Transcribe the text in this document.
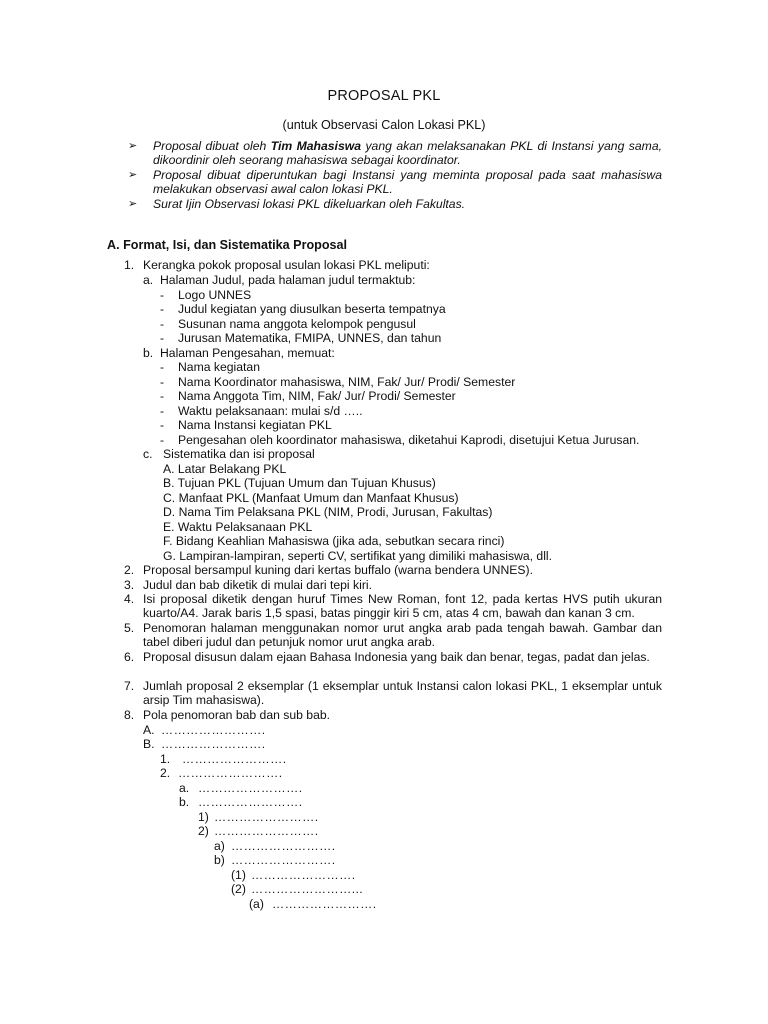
PROPOSAL PKL
(untuk Observasi Calon Lokasi PKL)
➢ Proposal dibuat oleh Tim Mahasiswa yang akan melaksanakan PKL di Instansi yang sama, dikoordinir oleh seorang mahasiswa sebagai koordinator.
➢ Proposal dibuat diperuntukan bagi Instansi yang meminta proposal pada saat mahasiswa melakukan observasi awal calon lokasi PKL.
➢ Surat Ijin Observasi lokasi PKL dikeluarkan oleh Fakultas.
A. Format, Isi, dan Sistematika Proposal
1. Kerangka pokok proposal usulan lokasi PKL meliputi:
a. Halaman Judul, pada halaman judul termaktub:
- Logo UNNES
- Judul kegiatan yang diusulkan beserta tempatnya
- Susunan nama anggota kelompok pengusul
- Jurusan Matematika, FMIPA, UNNES, dan tahun
b. Halaman Pengesahan, memuat:
- Nama kegiatan
- Nama Koordinator mahasiswa, NIM, Fak/ Jur/ Prodi/ Semester
- Nama Anggota Tim, NIM, Fak/ Jur/ Prodi/ Semester
- Waktu pelaksanaan: mulai s/d …..
- Nama Instansi kegiatan PKL
- Pengesahan oleh koordinator mahasiswa, diketahui Kaprodi, disetujui Ketua Jurusan.
c. Sistematika dan isi proposal
A. Latar Belakang PKL
B. Tujuan PKL (Tujuan Umum dan Tujuan Khusus)
C. Manfaat PKL (Manfaat Umum dan Manfaat Khusus)
D. Nama Tim Pelaksana PKL (NIM, Prodi, Jurusan, Fakultas)
E. Waktu Pelaksanaan PKL
F. Bidang Keahlian Mahasiswa (jika ada, sebutkan secara rinci)
G. Lampiran-lampiran, seperti CV, sertifikat yang dimiliki mahasiswa, dll.
2. Proposal bersampul kuning dari kertas buffalo (warna bendera UNNES).
3. Judul dan bab diketik di mulai dari tepi kiri.
4. Isi proposal diketik dengan huruf Times New Roman, font 12, pada kertas HVS putih ukuran kuarto/A4. Jarak baris 1,5 spasi, batas pinggir kiri 5 cm, atas 4 cm, bawah dan kanan 3 cm.
5. Penomoran halaman menggunakan nomor urut angka arab pada tengah bawah. Gambar dan tabel diberi judul dan petunjuk nomor urut angka arab.
6. Proposal disusun dalam ejaan Bahasa Indonesia yang baik dan benar, tegas, padat dan jelas.
7. Jumlah proposal 2 eksemplar (1 eksemplar untuk Instansi calon lokasi PKL, 1 eksemplar untuk arsip Tim mahasiswa).
8. Pola penomoran bab dan sub bab.
A. …………………….
B. …………………….
1. …………………….
2. …………………….
a. …………………….
b. …………………….
1) …………………….
2) …………………….
a) …………………….
b) …………………….
(1) …………………….
(2) ……………………...
(a) …………………….
